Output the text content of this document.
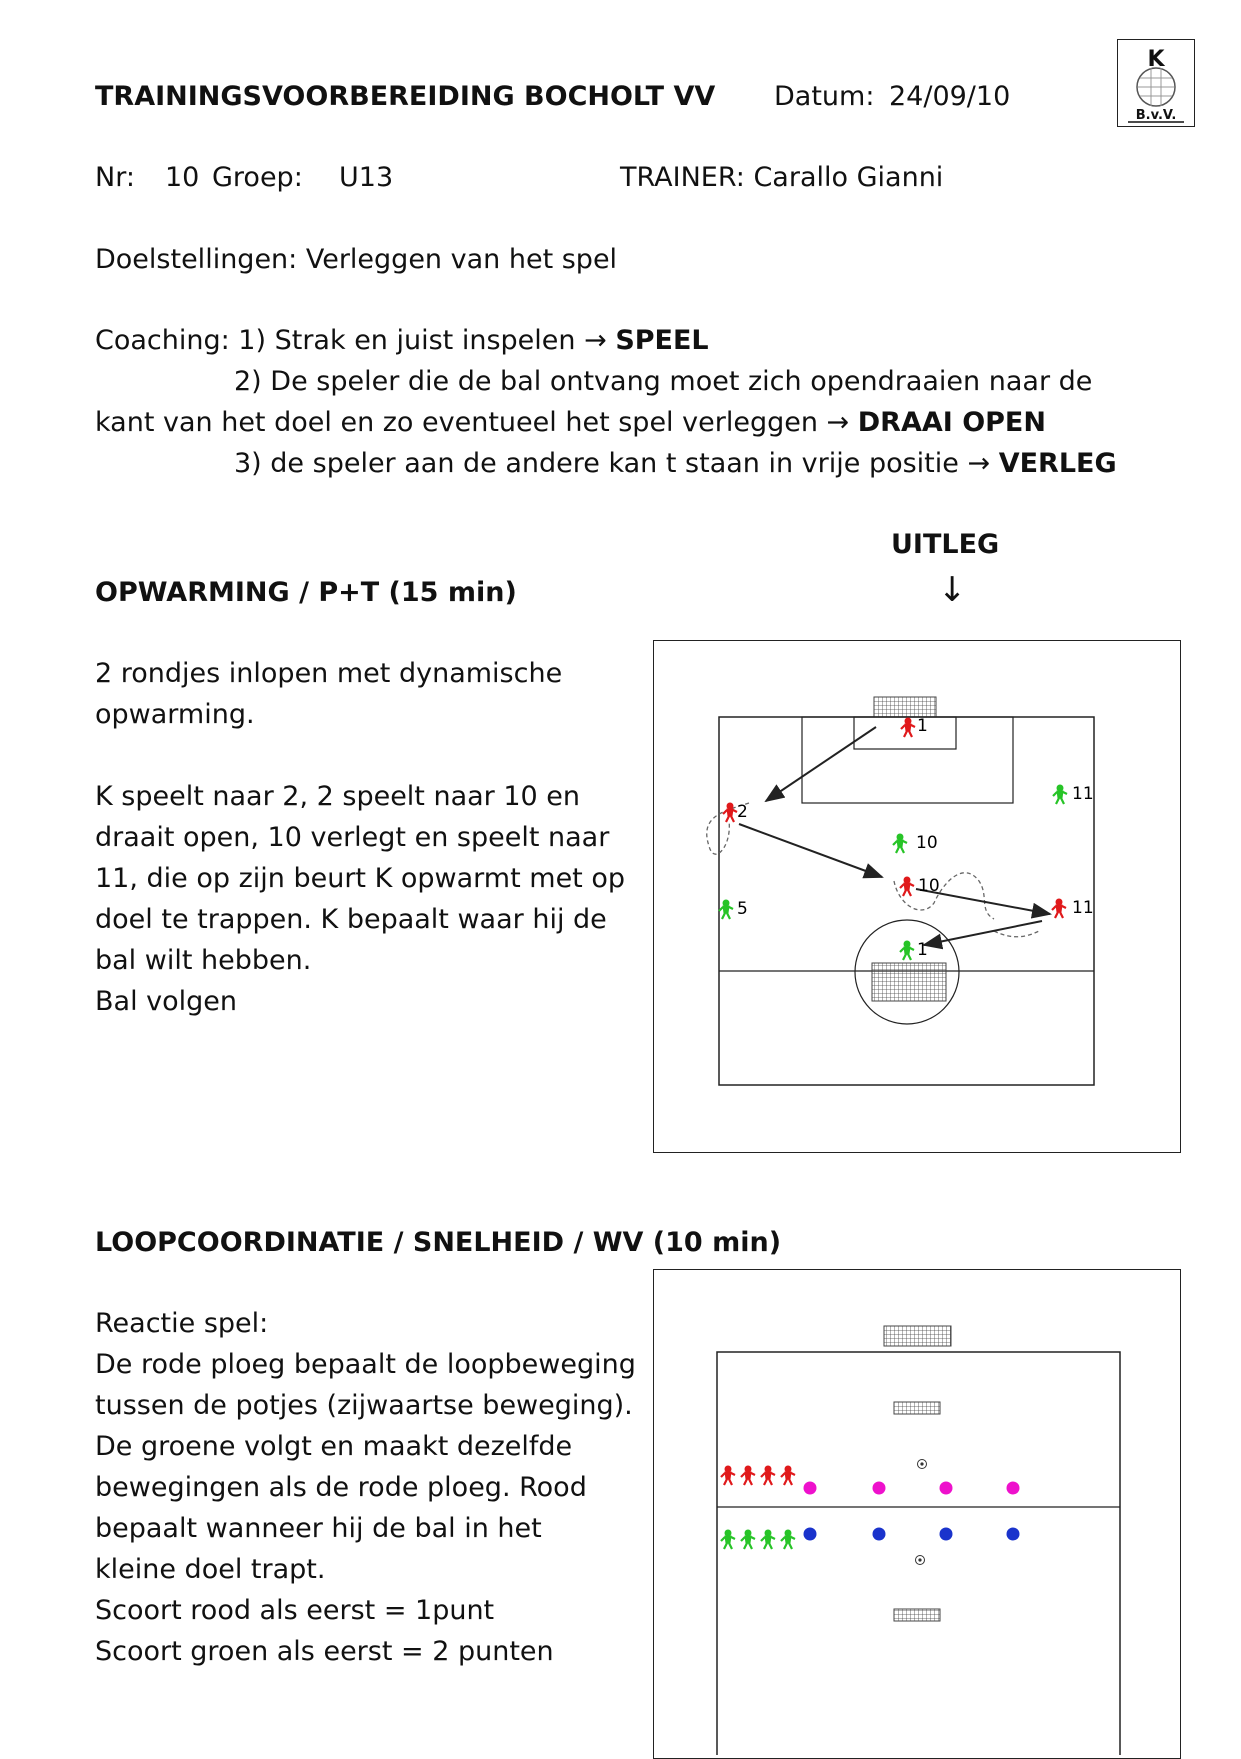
TRAININGSVOORBEREIDING BOCHOLT VV Datum: 24/09/10
K
B.v.V.
Nr: 10 Groep: U13	TRAINER: Carallo Gianni
Doelstellingen: Verleggen van het spel
Coaching: 1) Strak en juist inspelen → SPEEL
2) De speler die de bal ontvang moet zich opendraaien naar de
kant van het doel en zo eventueel het spel verleggen → DRAAI OPEN
3) de speler aan de andere kan t staan in vrije positie → VERLEG
UITLEG
↓
OPWARMING / P+T (15 min)
2 rondjes inlopen met dynamische
opwarming.
K speelt naar 2, 2 speelt naar 10 en
draait open, 10 verlegt en speelt naar
11, die op zijn beurt K opwarmt met op
doel te trappen. K bepaalt waar hij de
bal wilt hebben.
Bal volgen
1
2
10
10
11
11
5
1
LOOPCOORDINATIE / SNELHEID / WV (10 min)
Reactie spel:
De rode ploeg bepaalt de loopbeweging
tussen de potjes (zijwaartse beweging).
De groene volgt en maakt dezelfde
bewegingen als de rode ploeg. Rood
bepaalt wanneer hij de bal in het
kleine doel trapt.
Scoort rood als eerst = 1punt
Scoort groen als eerst = 2 punten
